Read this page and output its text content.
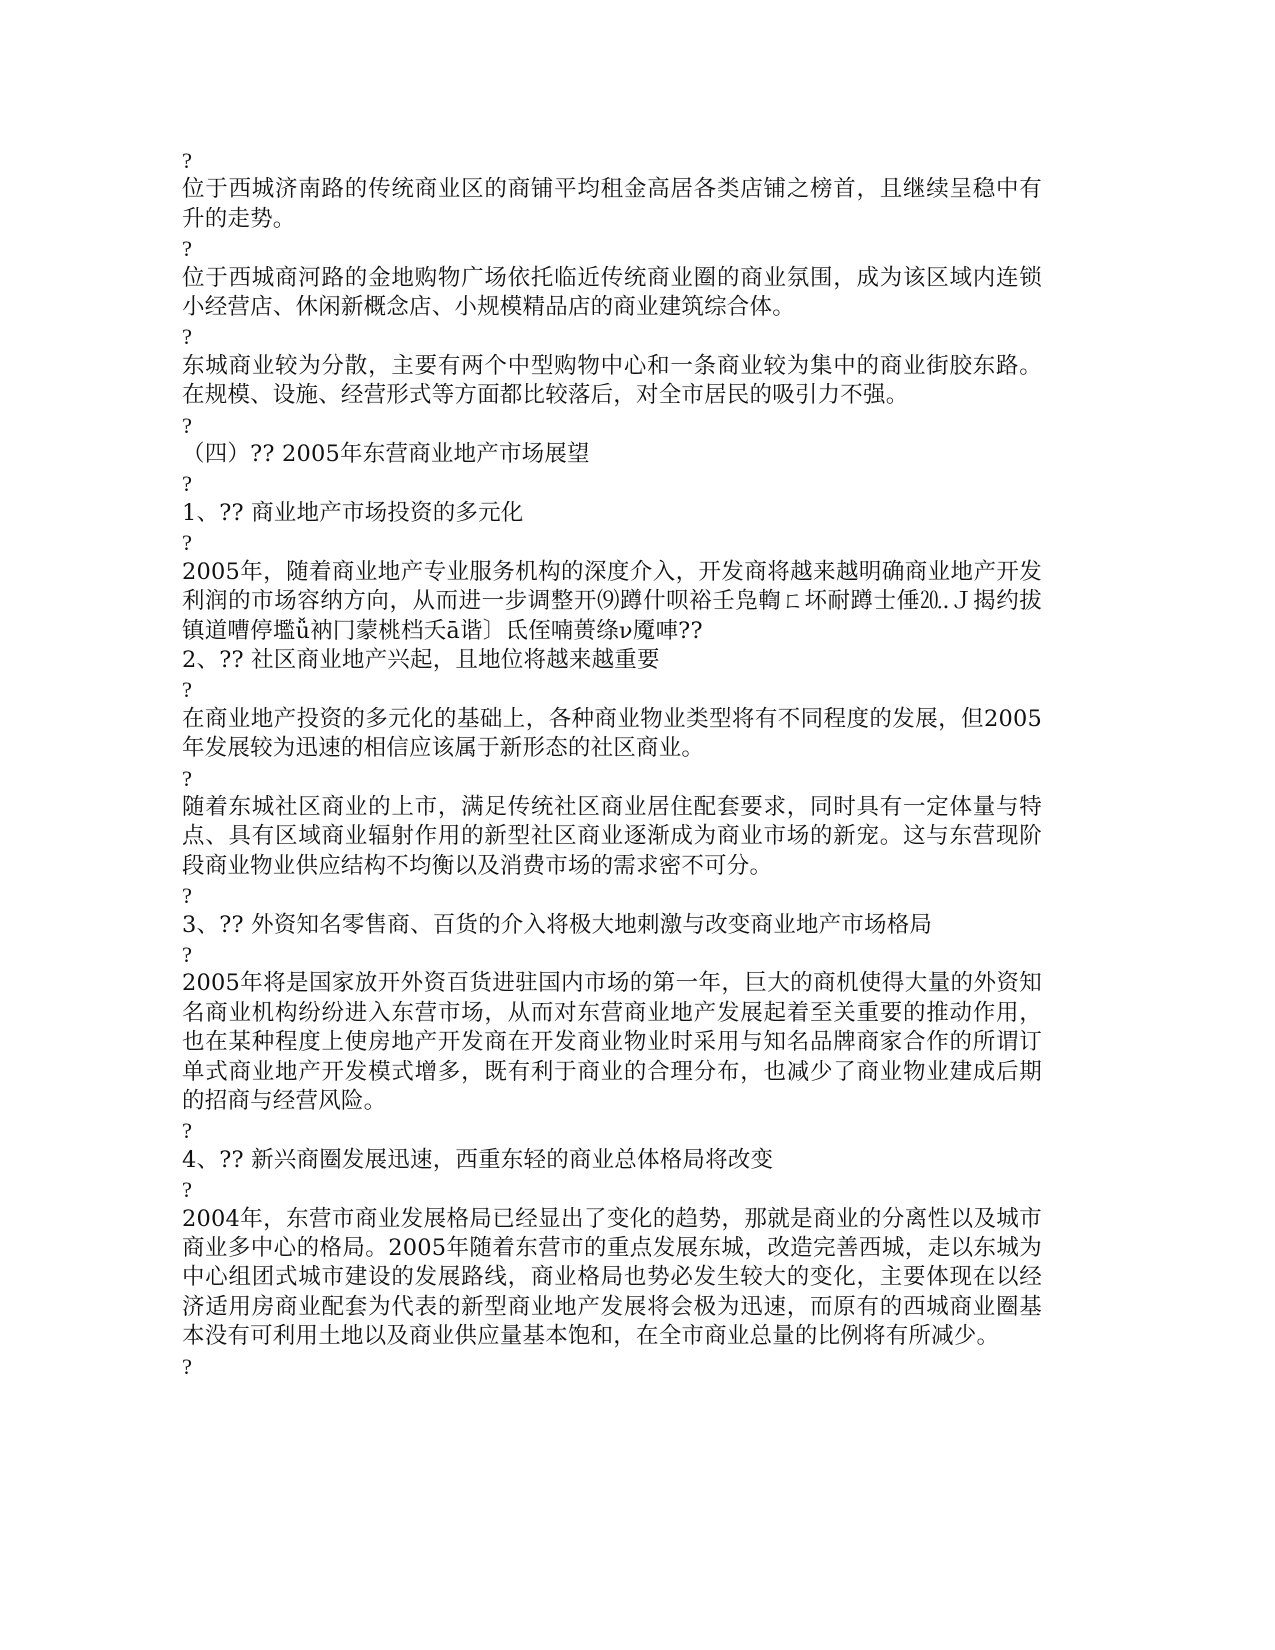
?
位于西城济南路的传统商业区的商铺平均租金高居各类店铺之榜首，且继续呈稳中有升的走势。
?
位于西城商河路的金地购物广场依托临近传统商业圈的商业氛围，成为该区域内连锁小经营店、休闲新概念店、小规模精品店的商业建筑综合体。
?
东城商业较为分散，主要有两个中型购物中心和一条商业较为集中的商业街胶东路。在规模、设施、经营形式等方面都比较落后，对全市居民的吸引力不强。
?
（四）?? 2005年东营商业地产市场展望
?
1、?? 商业地产市场投资的多元化
?
2005年，随着商业地产专业服务机构的深度介入，开发商将越来越明确商业地产开发利润的市场容纳方向，从而进一步调整开⑼蹲什呗裕壬凫輷ㄈ坏耐蹲士倕⒛.Ｊ揭约拔镇道嘈停壏ǚ衲冂蒙桃档夭ā谐〕氐侄喃蒉绦ν魇唓??
2、?? 社区商业地产兴起，且地位将越来越重要
?
在商业地产投资的多元化的基础上，各种商业物业类型将有不同程度的发展，但2005年发展较为迅速的相信应该属于新形态的社区商业。
?
随着东城社区商业的上市，满足传统社区商业居住配套要求，同时具有一定体量与特点、具有区域商业辐射作用的新型社区商业逐渐成为商业市场的新宠。这与东营现阶段商业物业供应结构不均衡以及消费市场的需求密不可分。
?
3、?? 外资知名零售商、百货的介入将极大地刺激与改变商业地产市场格局
?
2005年将是国家放开外资百货进驻国内市场的第一年，巨大的商机使得大量的外资知名商业机构纷纷进入东营市场，从而对东营商业地产发展起着至关重要的推动作用，也在某种程度上使房地产开发商在开发商业物业时采用与知名品牌商家合作的所谓订单式商业地产开发模式增多，既有利于商业的合理分布，也减少了商业物业建成后期的招商与经营风险。
?
4、?? 新兴商圈发展迅速，西重东轻的商业总体格局将改变
?
2004年，东营市商业发展格局已经显出了变化的趋势，那就是商业的分离性以及城市商业多中心的格局。2005年随着东营市的重点发展东城，改造完善西城，走以东城为中心组团式城市建设的发展路线，商业格局也势必发生较大的变化，主要体现在以经济适用房商业配套为代表的新型商业地产发展将会极为迅速，而原有的西城商业圈基本没有可利用土地以及商业供应量基本饱和，在全市商业总量的比例将有所减少。
?
